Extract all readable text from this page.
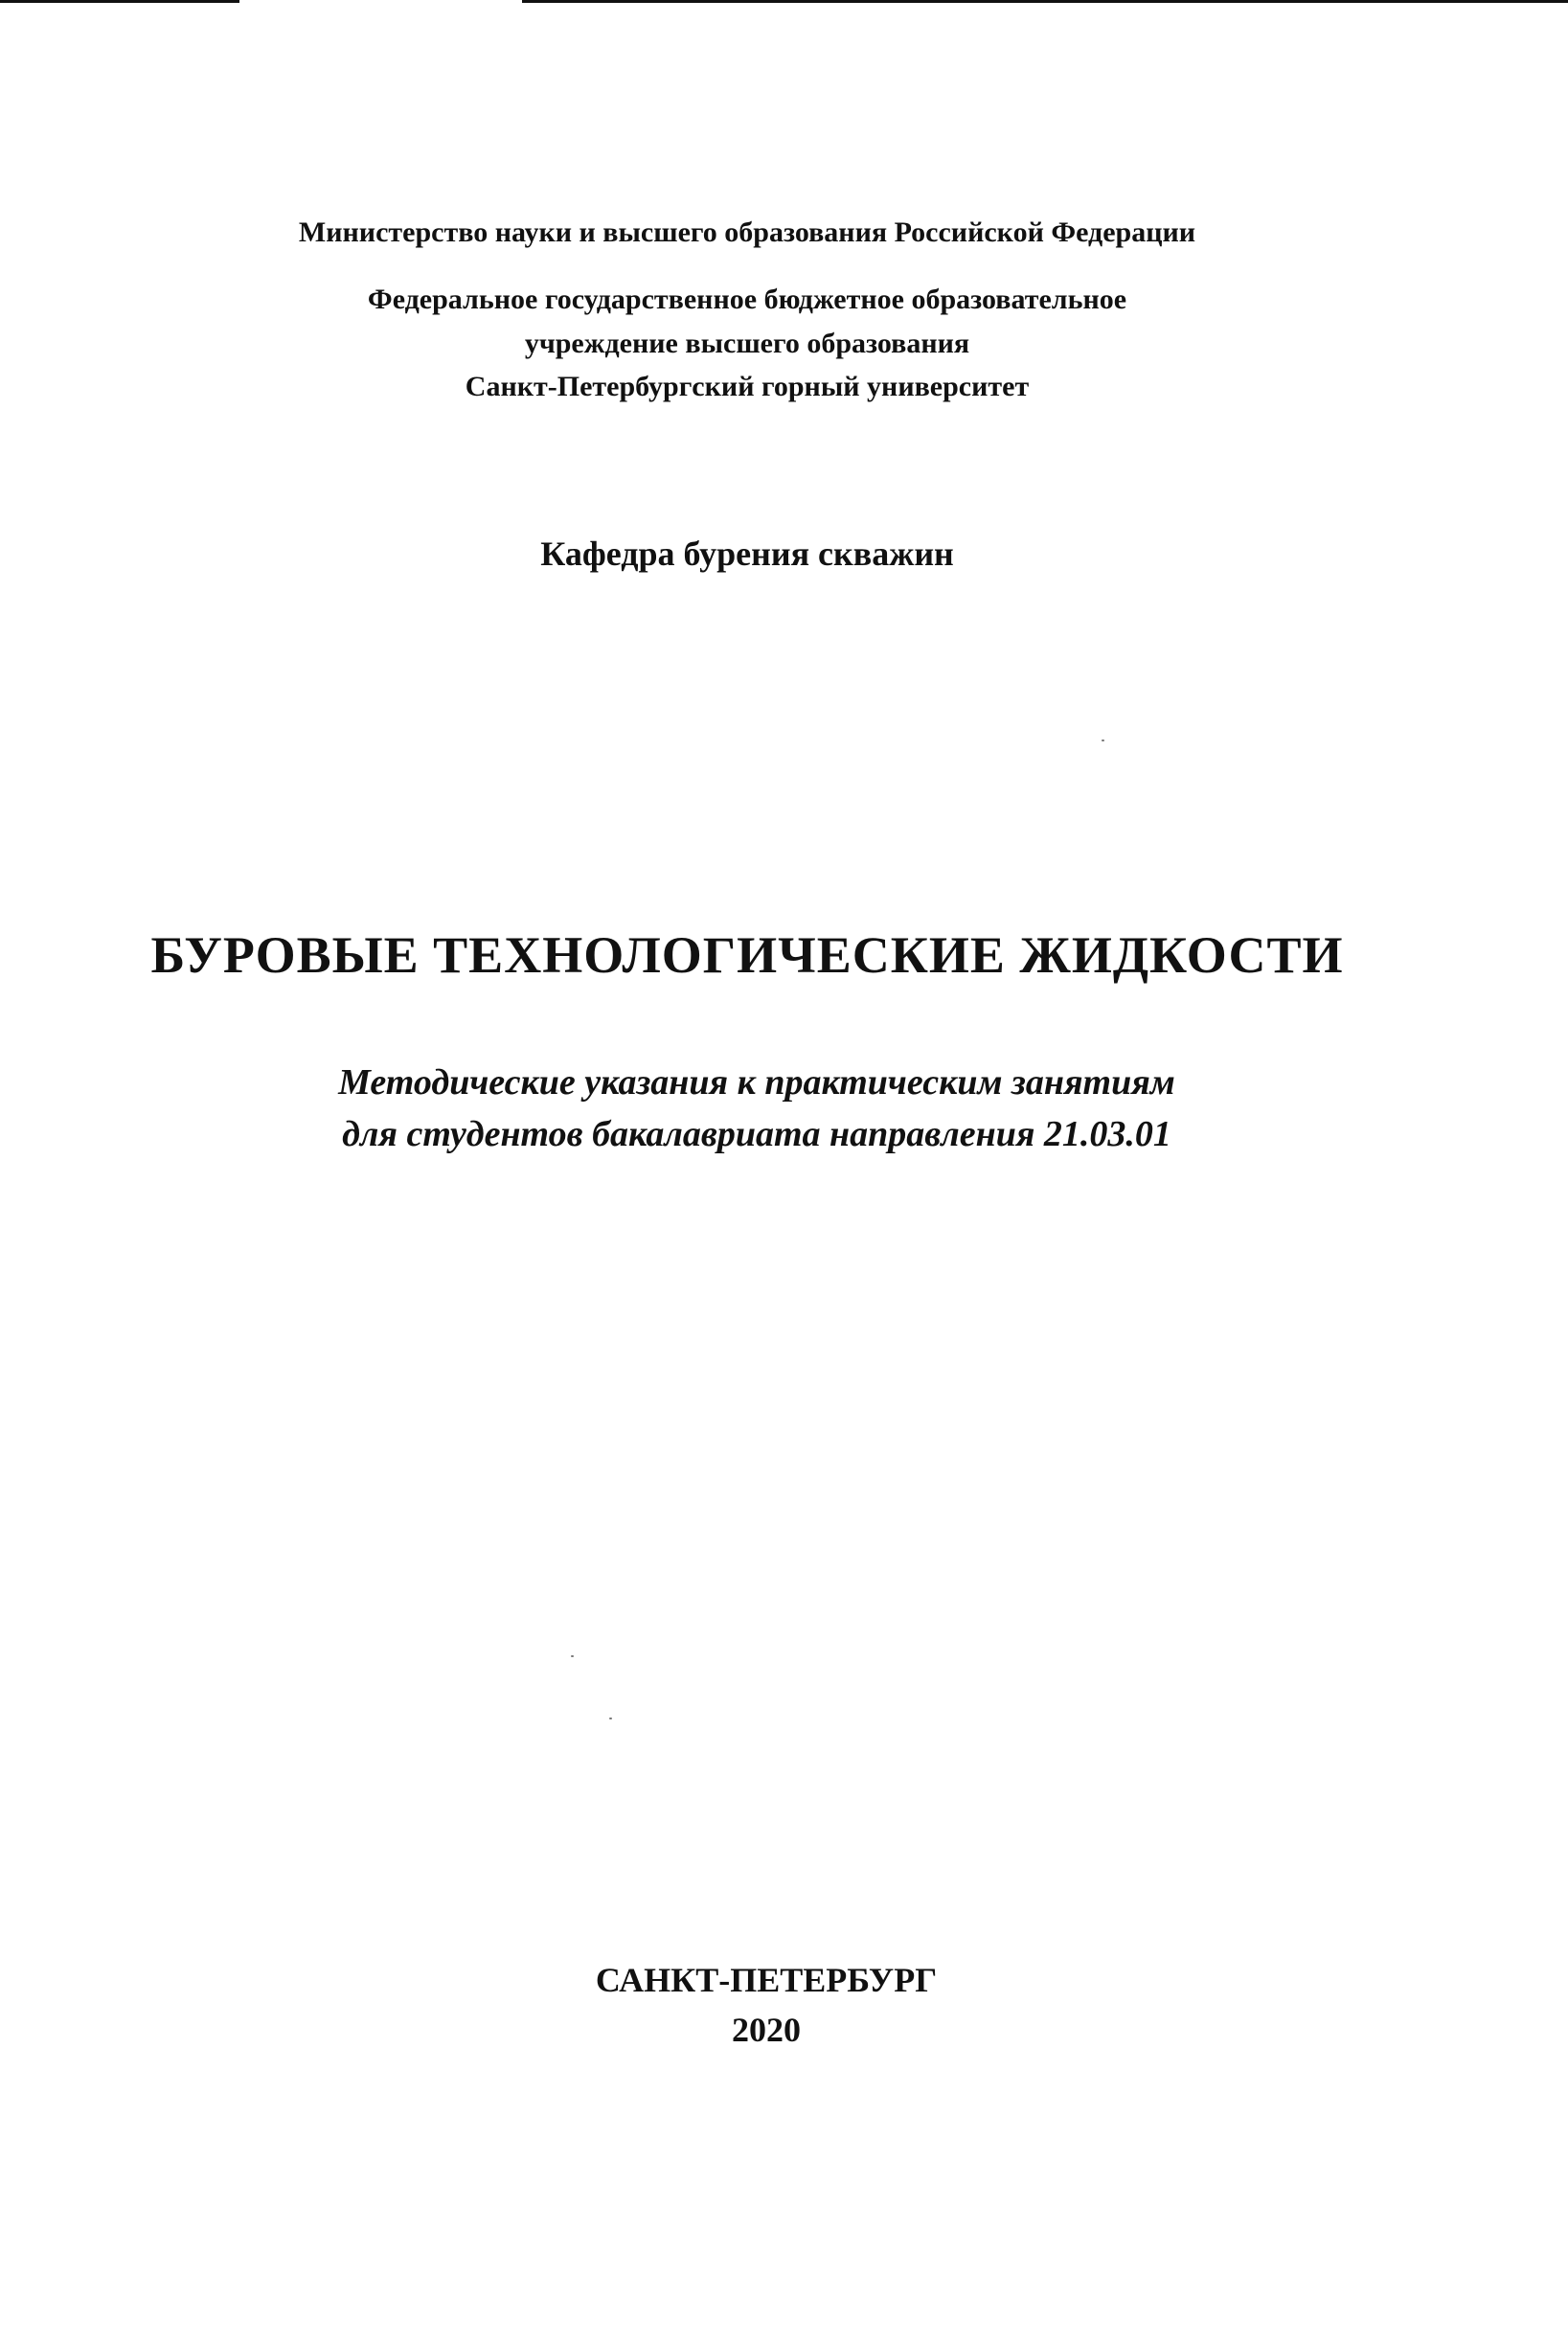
Министерство науки и высшего образования Российской Федерации
Федеральное государственное бюджетное образовательное
учреждение высшего образования
Санкт-Петербургский горный университет
Кафедра бурения скважин
БУРОВЫЕ ТЕХНОЛОГИЧЕСКИЕ ЖИДКОСТИ
Методические указания к практическим занятиям
для студентов бакалавриата направления 21.03.01
САНКТ-ПЕТЕРБУРГ
2020
